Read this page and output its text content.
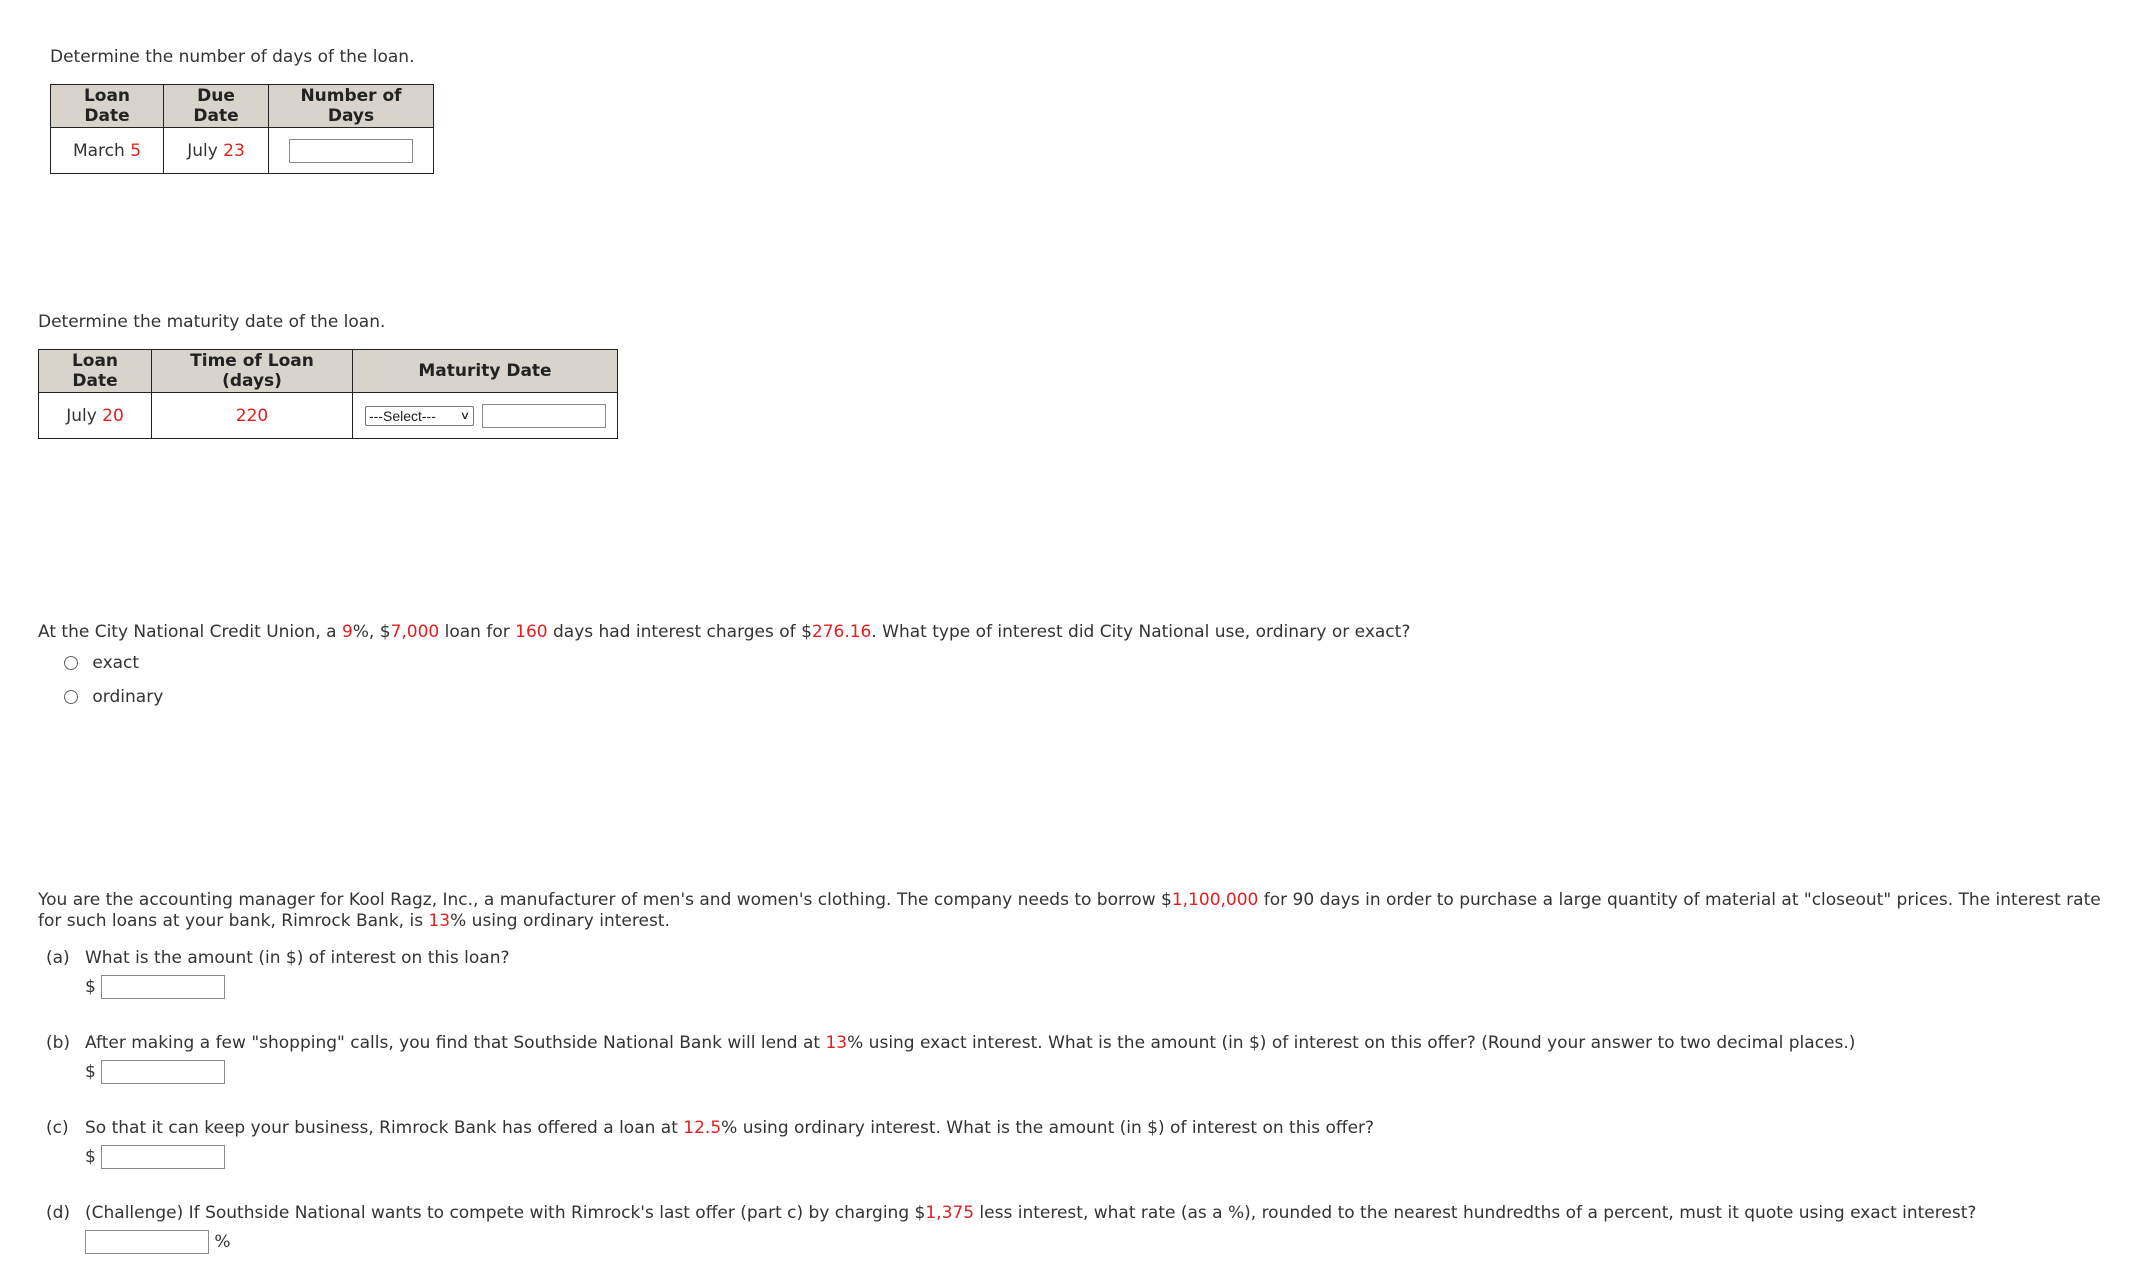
Determine the number of days of the loan.
Loan Date	Due Date	Number of Days
March 5	July 23	
Determine the maturity date of the loan.
Loan Date	Time of Loan (days)	Maturity Date
July 20	220	---Select--- ∨

At the City National Credit Union, a 9%, $7,000 loan for 160 days had interest charges of $276.16. What type of interest did City National use, ordinary or exact?
exact
ordinary
You are the accounting manager for Kool Ragz, Inc., a manufacturer of men's and women's clothing. The company needs to borrow $1,100,000 for 90 days in order to purchase a large quantity of material at "closeout" prices. The interest rate for such loans at your bank, Rimrock Bank, is 13% using ordinary interest.
(a) What is the amount (in $) of interest on this loan?
$
(b) After making a few "shopping" calls, you find that Southside National Bank will lend at 13% using exact interest. What is the amount (in $) of interest on this offer? (Round your answer to two decimal places.)
$
(c) So that it can keep your business, Rimrock Bank has offered a loan at 12.5% using ordinary interest. What is the amount (in $) of interest on this offer?
$
(d) (Challenge) If Southside National wants to compete with Rimrock's last offer (part c) by charging $1,375 less interest, what rate (as a %), rounded to the nearest hundredths of a percent, must it quote using exact interest?
%
